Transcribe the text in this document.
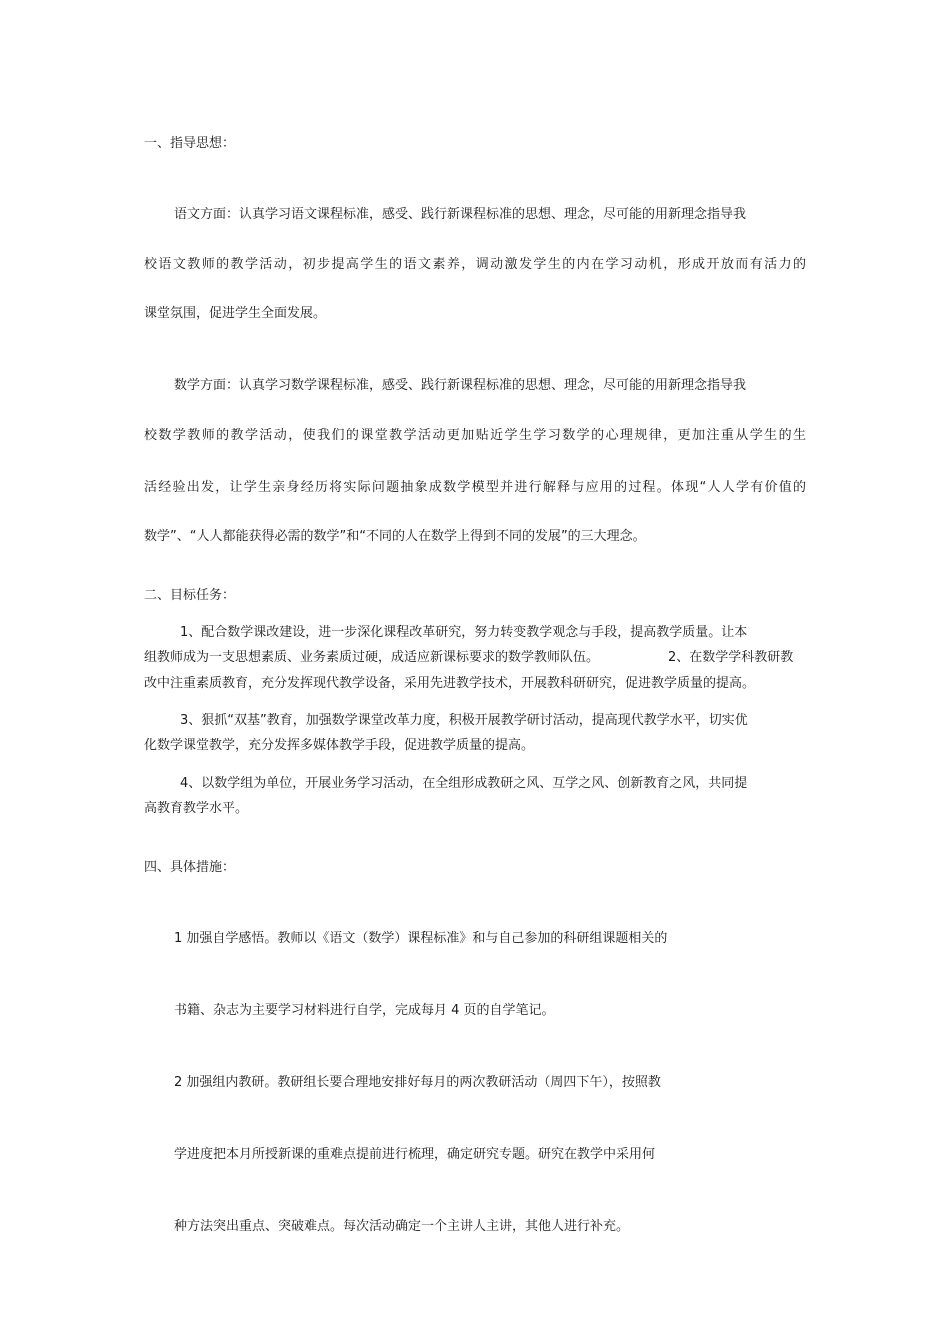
一、指导思想：
语文方面：认真学习语文课程标准，感受、践行新课程标准的思想、理念，尽可能的用新理念指导我
校语文教师的教学活动，初步提高学生的语文素养，调动激发学生的内在学习动机，形成开放而有活力的
课堂氛围，促进学生全面发展。
数学方面：认真学习数学课程标准，感受、践行新课程标准的思想、理念，尽可能的用新理念指导我
校数学教师的教学活动，使我们的课堂教学活动更加贴近学生学习数学的心理规律，更加注重从学生的生
活经验出发，让学生亲身经历将实际问题抽象成数学模型并进行解释与应用的过程。体现“人人学有价值的
数学”、“人人都能获得必需的数学”和“不同的人在数学上得到不同的发展”的三大理念。
二、目标任务：
1、配合数学课改建设，进一步深化课程改革研究，努力转变教学观念与手段，提高教学质量。让本
组教师成为一支思想素质、业务素质过硬，成适应新课标要求的数学教师队伍。	2、在数学学科教研教
改中注重素质教育，充分发挥现代教学设备，采用先进教学技术，开展教科研研究，促进教学质量的提高。
3、狠抓“双基”教育，加强数学课堂改革力度，积极开展教学研讨活动，提高现代教学水平，切实优
化数学课堂教学，充分发挥多媒体教学手段，促进教学质量的提高。
4、以数学组为单位，开展业务学习活动，在全组形成教研之风、互学之风、创新教育之风，共同提
高教育教学水平。
四、具体措施：
1 加强自学感悟。教师以《语文（数学）课程标准》和与自己参加的科研组课题相关的
书籍、杂志为主要学习材料进行自学，完成每月 4 页的自学笔记。
2 加强组内教研。教研组长要合理地安排好每月的两次教研活动（周四下午），按照教
学进度把本月所授新课的重难点提前进行梳理，确定研究专题。研究在教学中采用何
种方法突出重点、突破难点。每次活动确定一个主讲人主讲，其他人进行补充。
